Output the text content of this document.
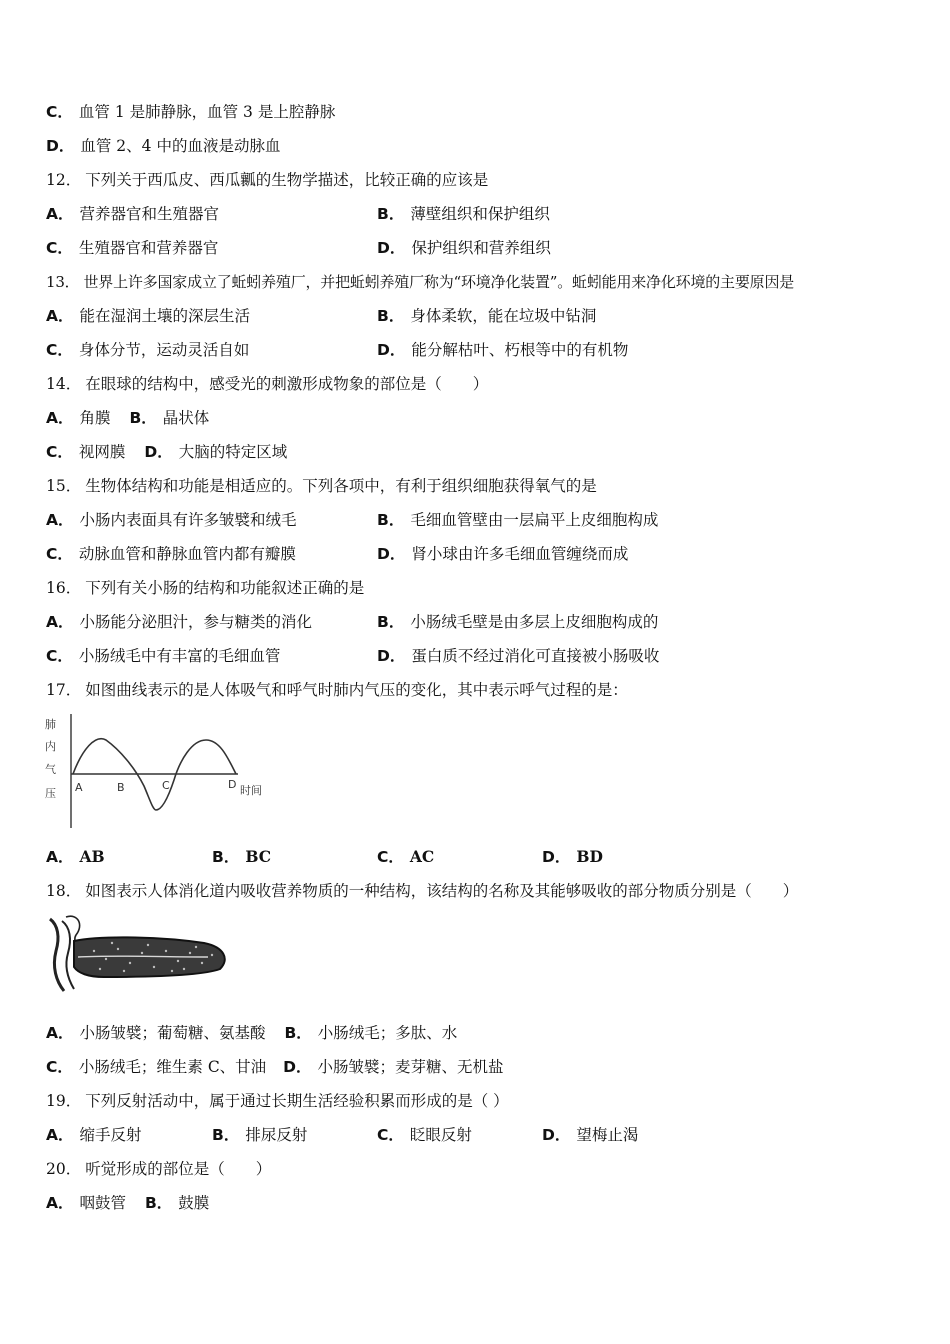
C． 血管 1 是肺静脉，血管 3 是上腔静脉
D． 血管 2、4 中的血液是动脉血
12． 下列关于西瓜皮、西瓜瓤的生物学描述，比较正确的应该是
A． 营养器官和生殖器官	B． 薄壁组织和保护组织
C． 生殖器官和营养器官	D． 保护组织和营养组织
13． 世界上许多国家成立了蚯蚓养殖厂，并把蚯蚓养殖厂称为“环境净化装置”。蚯蚓能用来净化环境的主要原因是
A． 能在湿润土壤的深层生活	B． 身体柔软，能在垃圾中钻洞
C． 身体分节，运动灵活自如	D． 能分解枯叶、朽根等中的有机物
14． 在眼球的结构中，感受光的刺激形成物象的部位是（　　）
A． 角膜 B． 晶状体
C． 视网膜 D． 大脑的特定区域
15． 生物体结构和功能是相适应的。下列各项中，有利于组织细胞获得氧气的是
A． 小肠内表面具有许多皱襞和绒毛	B． 毛细血管壁由一层扁平上皮细胞构成
C． 动脉血管和静脉血管内都有瓣膜	D． 肾小球由许多毛细血管缠绕而成
16． 下列有关小肠的结构和功能叙述正确的是
A． 小肠能分泌胆汁，参与糖类的消化	B． 小肠绒毛壁是由多层上皮细胞构成的
C． 小肠绒毛中有丰富的毛细血管	D． 蛋白质不经过消化可直接被小肠吸收
17． 如图曲线表示的是人体吸气和呼气时肺内气压的变化，其中表示呼气过程的是：
肺
内
气
压 A	B	C	D 时间
A． AB	B． BC	C． AC	D． BD
18． 如图表示人体消化道内吸收营养物质的一种结构，该结构的名称及其能够吸收的部分物质分别是（　　）
A． 小肠皱襞；葡萄糖、氨基酸 B． 小肠绒毛；多肽、水
C． 小肠绒毛；维生素 C、甘油 D． 小肠皱襞；麦芽糖、无机盐
19． 下列反射活动中，属于通过长期生活经验积累而形成的是（ ）
A． 缩手反射	B． 排尿反射	C． 眨眼反射	D． 望梅止渴
20． 听觉形成的部位是（　　）
A． 咽鼓管 B． 鼓膜
